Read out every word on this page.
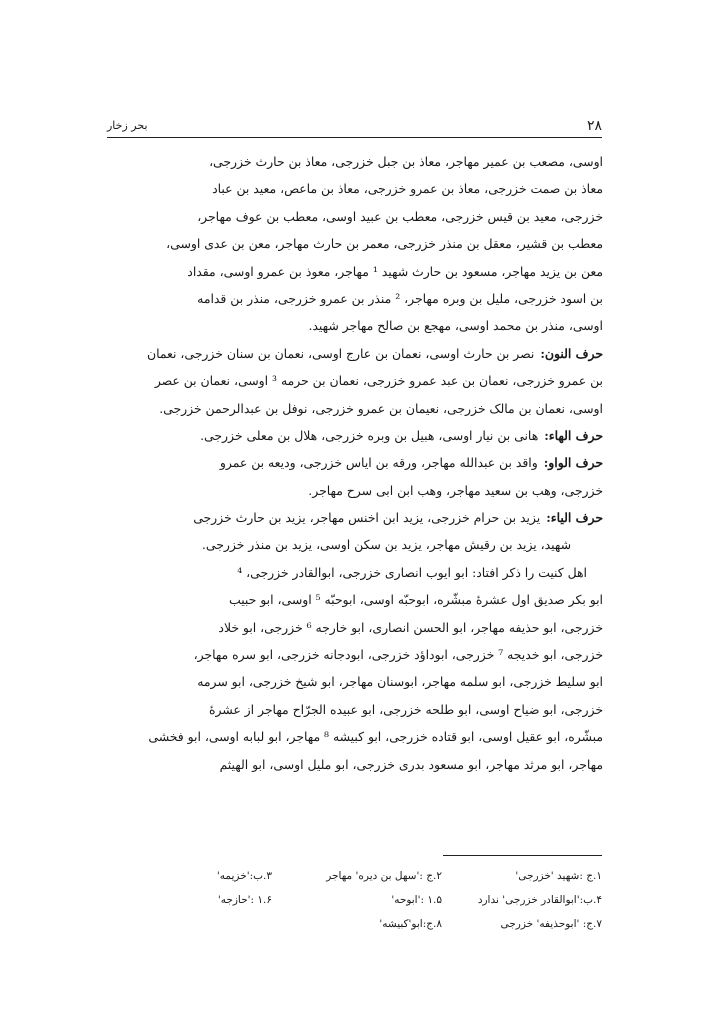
۲۸
بحر زخار
اوسی، مصعب بن عمیر مهاجر، معاذ بن جبل خزرجی، معاذ بن حارث خزرجی،
معاذ بن صمت خزرجی، معاذ بن عمرو خزرجی، معاذ بن ماعص، معید بن عباد
خزرجی، معید بن قیس خزرجی، معطب بن عبید اوسی، معطب بن عوف مهاجر،
معطب بن قشیر، معقل بن منذر خزرجی، معمر بن حارث مهاجر، معن بن عدی اوسی،
معن بن یزید مهاجر، مسعود بن حارث شهید ¹ مهاجر، معوذ بن عمرو اوسی، مقداد
بن اسود خزرجی، ملیل بن وبره مهاجر، ² منذر بن عمرو خزرجی، منذر بن قدامه
اوسی، منذر بن محمد اوسی، مهجع بن صالح مهاجر شهید.
حرف النون:نصر بن حارث اوسی، نعمان بن عارج اوسی، نعمان بن سنان خزرجی، نعمان
بن عمرو خزرجی، نعمان بن عبد عمرو خزرجی، نعمان بن حرمه ³ اوسی، نعمان بن عصر
اوسی، نعمان بن مالک خزرجی، نعیمان بن عمرو خزرجی، نوفل بن عبدالرحمن خزرجی.
حرف الهاء:هانی بن نیار اوسی، هبیل بن وبره خزرجی، هلال بن معلی خزرجی.
حرف الواو:واقد بن عبدالله مهاجر، ورقه بن ایاس خزرجی، ودیعه بن عمرو
خزرجی، وهب بن سعید مهاجر، وهب ابن ابی سرح مهاجر.
حرف الیاء:یزید بن حرام خزرجی، یزید ابن اخنس مهاجر، یزید بن حارث خزرجی
شهید، یزید بن رقیش مهاجر، یزید بن سکن اوسی، یزید بن منذر خزرجی.
اهل کنیت را ذکر افتاد: ابو ایوب انصاری خزرجی، ابوالقادر خزرجی، ⁴
ابو بکر صدیق اول عشرهٔ مبشّره، ابوحبّه اوسی، ابوحبّه ⁵ اوسی، ابو حبیب
خزرجی، ابو حذیفه مهاجر، ابو الحسن انصاری، ابو خارجه ⁶ خزرجی، ابو خلاد
خزرجی، ابو خدیجه ⁷ خزرجی، ابوداؤد خزرجی، ابودجانه خزرجی، ابو سره مهاجر،
ابو سلیط خزرجی، ابو سلمه مهاجر، ابوسنان مهاجر، ابو شیخ خزرجی، ابو سرمه
خزرجی، ابو ضیاح اوسی، ابو طلحه خزرجی، ابو عبیده الجرّاح مهاجر از عشرهٔ
مبشّره، ابو عقیل اوسی، ابو قتاده خزرجی، ابو کبیشه ⁸ مهاجر، ابو لبابه اوسی، ابو فخشی
مهاجر، ابو مرثد مهاجر، ابو مسعود بدری خزرجی، ابو ملیل اوسی، ابو الهیثم
۱.ج :شهید 'خزرجی'
۲.ج :'سهل بن دیره' مهاجر
۳.ب:'خزیمه'
۴.ب:'ابوالقادر خزرجی' ندارد
۱.۵ :'ابوحه'
۱.۶ :'حازجه'
۷.ج: 'ابوحذیفه' خزرجی
۸.ج:ابو'کبیشه'
